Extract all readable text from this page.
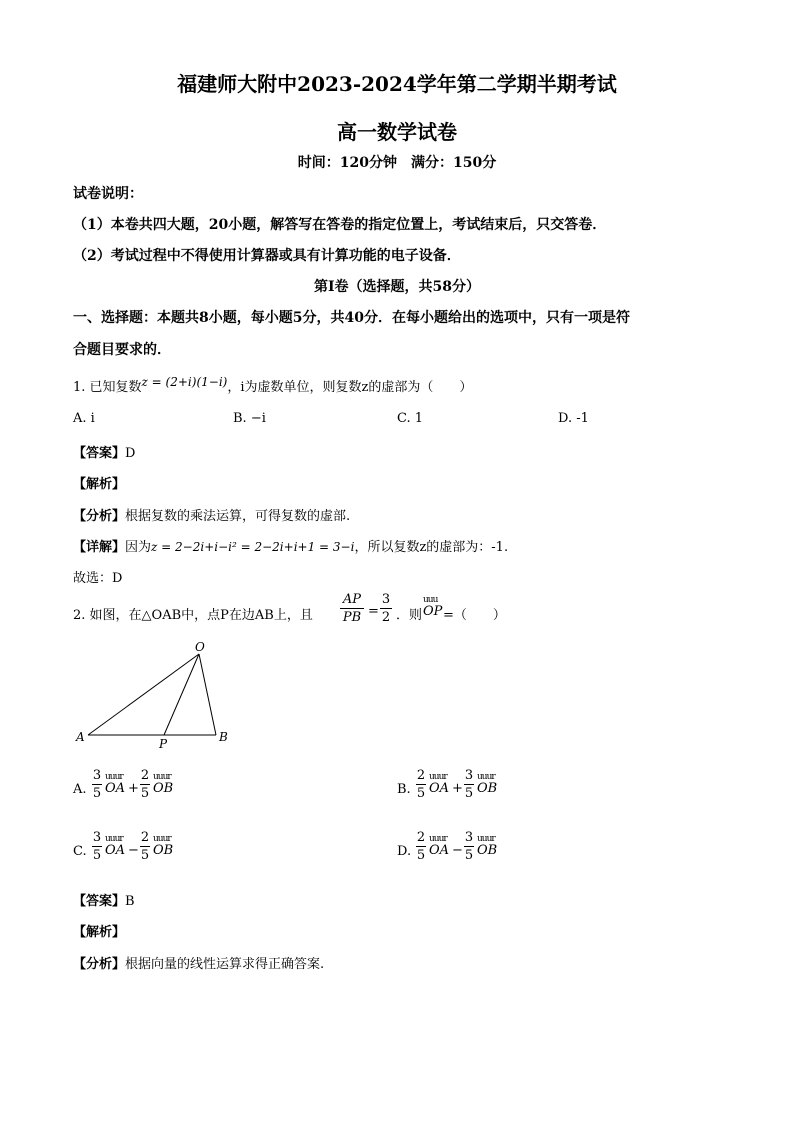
福建师大附中2023-2024学年第二学期半期考试
高一数学试卷
时间：120分钟　满分：150分
试卷说明：
（1）本卷共四大题，20小题，解答写在答卷的指定位置上，考试结束后，只交答卷．
（2）考试过程中不得使用计算器或具有计算功能的电子设备．
第Ⅰ卷（选择题，共58分）
一、选择题：本题共8小题，每小题5分，共40分．在每小题给出的选项中，只有一项是符
合题目要求的．
1. 已知复数z = (2+i)(1−i)，i为虚数单位，则复数z的虚部为（　　）
A. i	B. −i	C. 1	D. -1
【答案】D
【解析】
【分析】根据复数的乘法运算，可得复数的虚部.
【详解】因为z = 2−2i+i−i² = 2−2i+i+1 = 3−i，所以复数z的虚部为：-1.
故选：D
2. 如图，在△OAB中，点P在边AB上，且
AP
PB =
3
2 ．则
uuu
OP =（　　）
O
A	P	B
A.
3
5
uuur
OA +
2
5
uuur
OB	B.
2
5
uuur
OA +
3
5
uuur
OB
C.
3
5
uuur
OA −
2
5
uuur
OB	D.
2
5
uuur
OA −
3
5
uuur
OB
【答案】B
【解析】
【分析】根据向量的线性运算求得正确答案.
